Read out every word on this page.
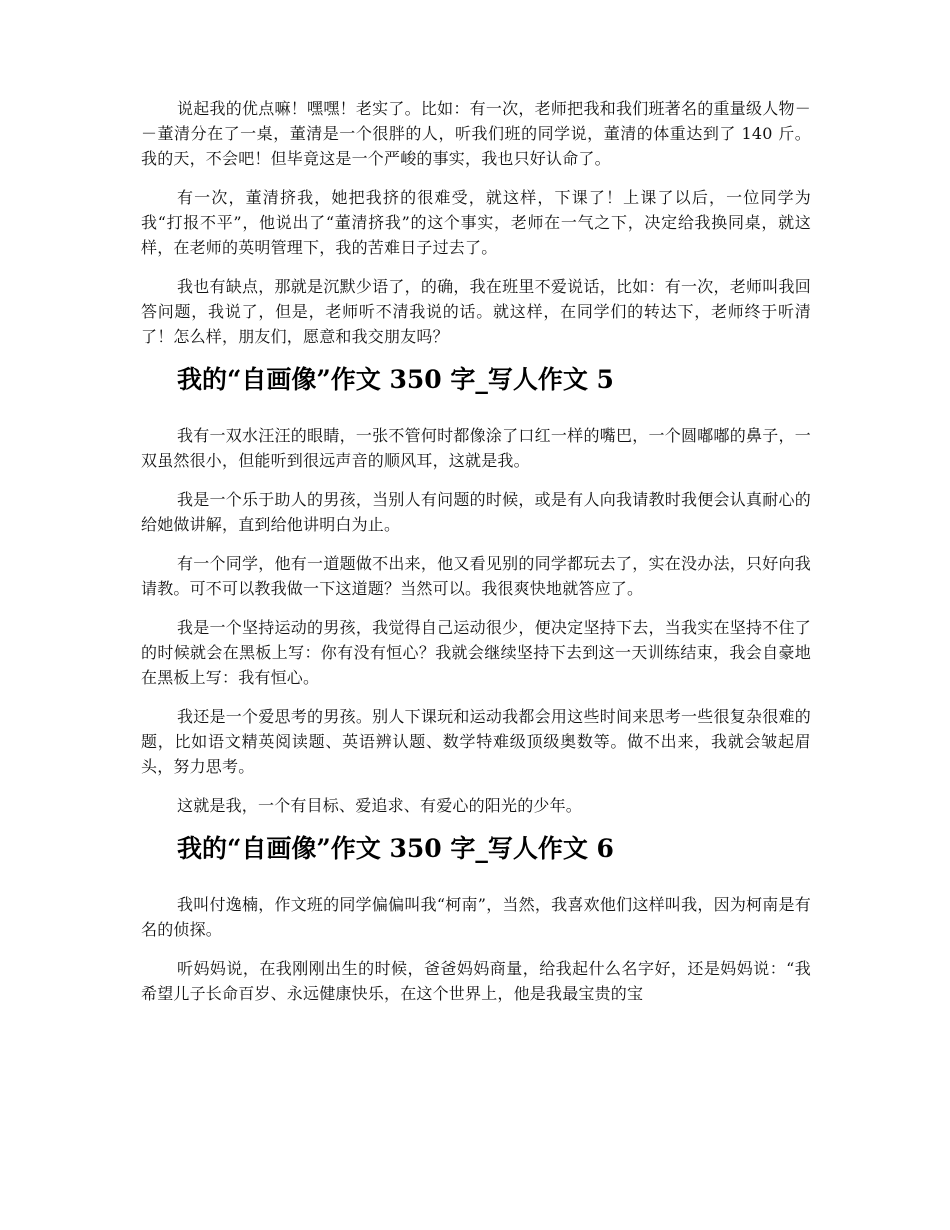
说起我的优点嘛！嘿嘿！老实了。比如：有一次，老师把我和我们班著名的重量级人物－－董清分在了一桌，董清是一个很胖的人，听我们班的同学说，董清的体重达到了 140 斤。我的天，不会吧！但毕竟这是一个严峻的事实，我也只好认命了。

有一次，董清挤我，她把我挤的很难受，就这样，下课了！上课了以后，一位同学为我“打报不平”，他说出了“董清挤我”的这个事实，老师在一气之下，决定给我换同桌，就这样，在老师的英明管理下，我的苦难日子过去了。

我也有缺点，那就是沉默少语了，的确，我在班里不爱说话，比如：有一次，老师叫我回答问题，我说了，但是，老师听不清我说的话。就这样，在同学们的转达下，老师终于听清了！怎么样，朋友们，愿意和我交朋友吗？

我的“自画像”作文 350 字_写人作文 5

我有一双水汪汪的眼睛，一张不管何时都像涂了口红一样的嘴巴，一个圆嘟嘟的鼻子，一双虽然很小，但能听到很远声音的顺风耳，这就是我。

我是一个乐于助人的男孩，当别人有问题的时候，或是有人向我请教时我便会认真耐心的给她做讲解，直到给他讲明白为止。

有一个同学，他有一道题做不出来，他又看见别的同学都玩去了，实在没办法，只好向我请教。可不可以教我做一下这道题？当然可以。我很爽快地就答应了。

我是一个坚持运动的男孩，我觉得自己运动很少，便决定坚持下去，当我实在坚持不住了的时候就会在黑板上写：你有没有恒心？我就会继续坚持下去到这一天训练结束，我会自豪地在黑板上写：我有恒心。

我还是一个爱思考的男孩。别人下课玩和运动我都会用这些时间来思考一些很复杂很难的题，比如语文精英阅读题、英语辨认题、数学特难级顶级奥数等。做不出来，我就会皱起眉头，努力思考。

这就是我，一个有目标、爱追求、有爱心的阳光的少年。

我的“自画像”作文 350 字_写人作文 6

我叫付逸楠，作文班的同学偏偏叫我“柯南”，当然，我喜欢他们这样叫我，因为柯南是有名的侦探。

听妈妈说，在我刚刚出生的时候，爸爸妈妈商量，给我起什么名字好，还是妈妈说：“我希望儿子长命百岁、永远健康快乐，在这个世界上，他是我最宝贵的宝
